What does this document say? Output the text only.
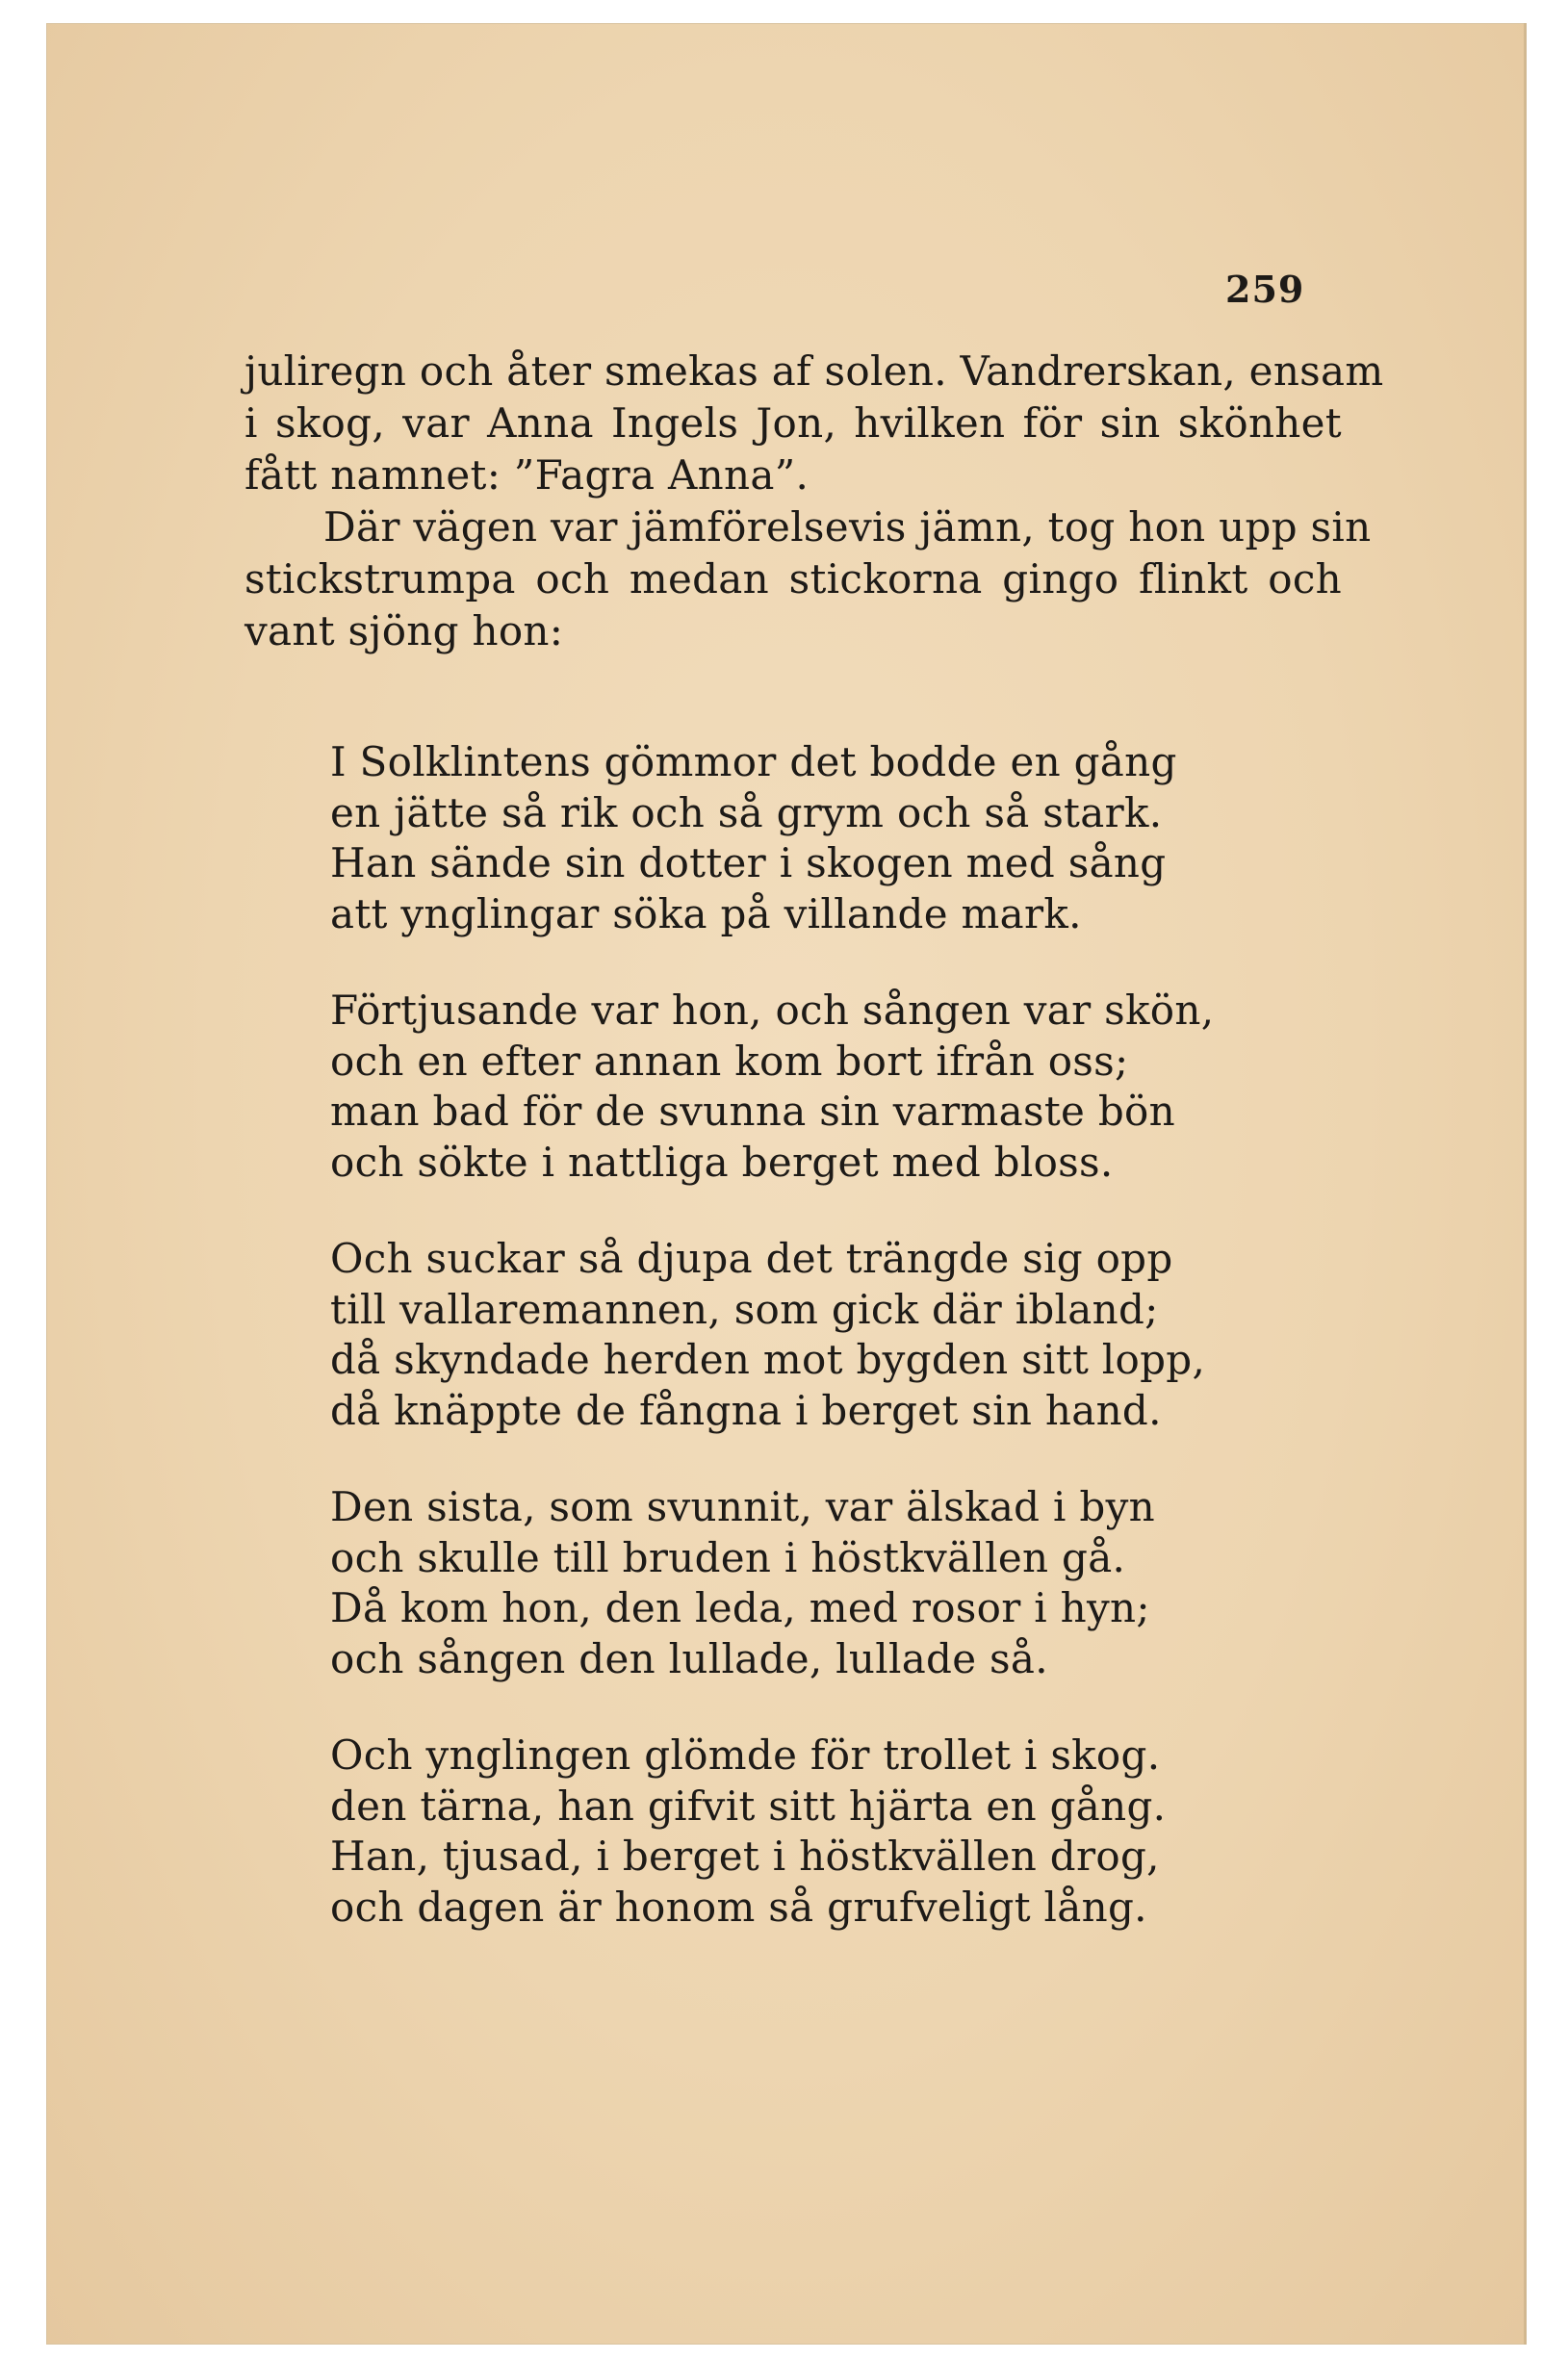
259
juliregn och åter smekas af solen. Vandrerskan, ensam
i skog, var Anna Ingels Jon, hvilken för sin skönhet
fått namnet: ”Fagra Anna”.
Där vägen var jämförelsevis jämn, tog hon upp sin
stickstrumpa och medan stickorna gingo flinkt och
vant sjöng hon:
I Solklintens gömmor det bodde en gång
en jätte så rik och så grym och så stark.
Han sände sin dotter i skogen med sång
att ynglingar söka på villande mark.
Förtjusande var hon, och sången var skön,
och en efter annan kom bort ifrån oss;
man bad för de svunna sin varmaste bön
och sökte i nattliga berget med bloss.
Och suckar så djupa det trängde sig opp
till vallaremannen, som gick där ibland;
då skyndade herden mot bygden sitt lopp,
då knäppte de fångna i berget sin hand.
Den sista, som svunnit, var älskad i byn
och skulle till bruden i höstkvällen gå.
Då kom hon, den leda, med rosor i hyn;
och sången den lullade, lullade så.
Och ynglingen glömde för trollet i skog.
den tärna, han gifvit sitt hjärta en gång.
Han, tjusad, i berget i höstkvällen drog,
och dagen är honom så grufveligt lång.
